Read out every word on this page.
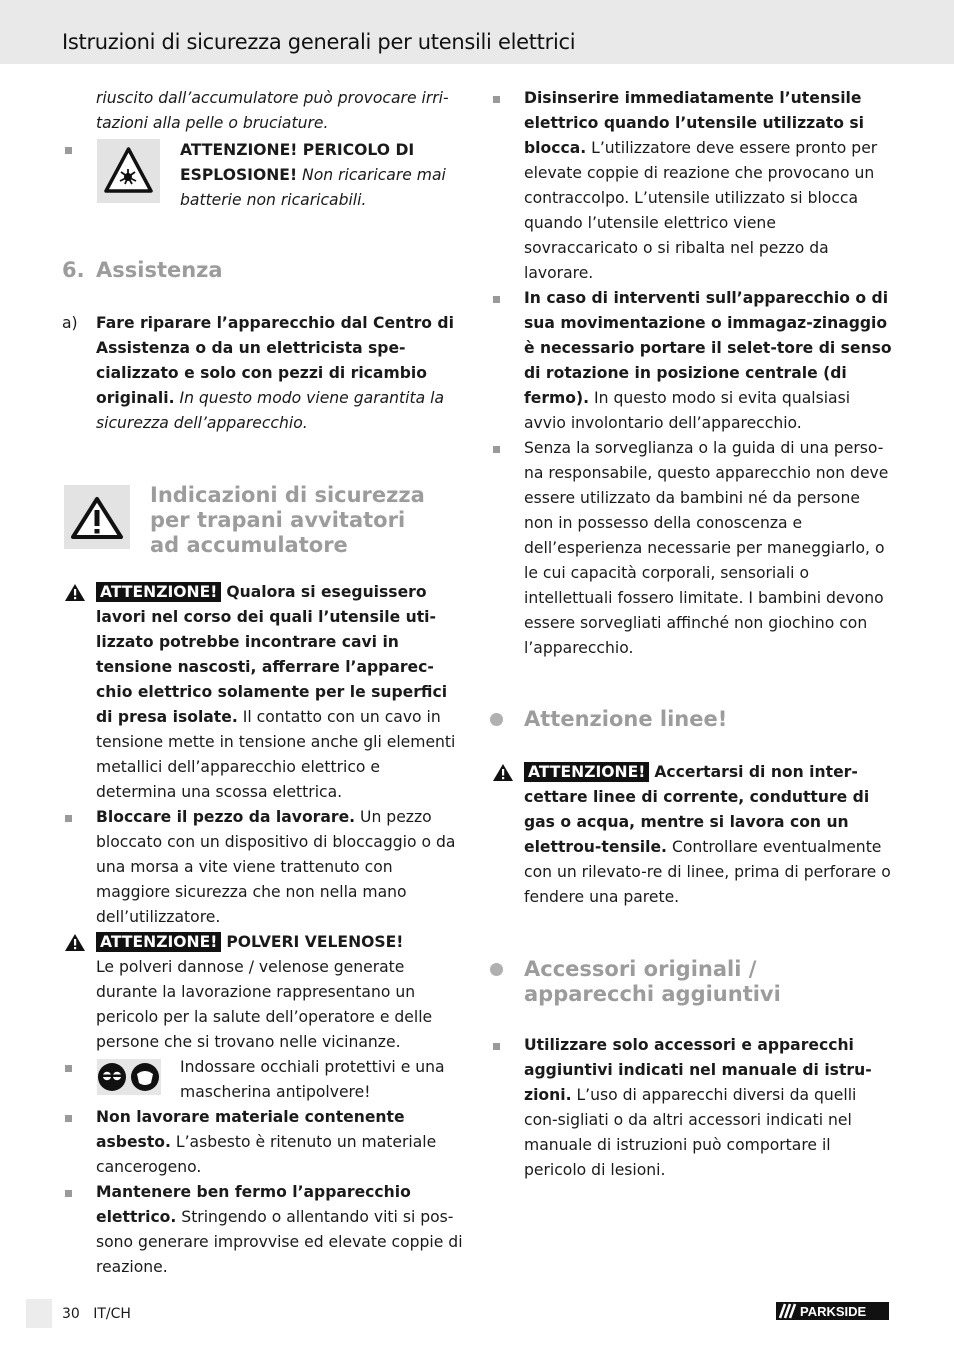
Istruzioni di sicurezza generali per utensili elettrici

riuscito dall’accumulatore può provocare irri-tazioni alla pelle o bruciature.

ATTENZIONE! PERICOLO DI ESPLOSIONE! Non ricaricare mai batterie non ricaricabili.
6. Assistenza
a) Fare riparare l’apparecchio dal Centro di Assistenza o da un elettricista spe-cializzato e solo con pezzi di ricambio originali. In questo modo viene garantita la sicurezza dell’apparecchio.
Indicazioni di sicurezza per trapani avvitatori ad accumulatore
ATTENZIONE! Qualora si eseguissero lavori nel corso dei quali l’utensile uti-lizzato potrebbe incontrare cavi in tensione nascosti, afferrare l’apparec-chio elettrico solamente per le superfici di presa isolate. Il contatto con un cavo in tensione mette in tensione anche gli elementi metallici dell’apparecchio elettrico e determina una scossa elettrica.
Bloccare il pezzo da lavorare. Un pezzo bloccato con un dispositivo di bloccaggio o da una morsa a vite viene trattenuto con maggiore sicurezza che non nella mano dell’utilizzatore.
ATTENZIONE! POLVERI VELENOSE!
Le polveri dannose / velenose generate durante la lavorazione rappresentano un pericolo per la salute dell’operatore e delle persone che si trovano nelle vicinanze.
Indossare occhiali protettivi e una mascherina antipolvere!
Non lavorare materiale contenente asbesto. L’asbesto è ritenuto un materiale cancerogeno.
Mantenere ben fermo l’apparecchio elettrico. Stringendo o allentando viti si pos-sono generare improvvise ed elevate coppie di reazione.
Disinserire immediatamente l’utensile elettrico quando l’utensile utilizzato si blocca. L’utilizzatore deve essere pronto per elevate coppie di reazione che provocano un contraccolpo. L’utensile utilizzato si blocca quando l’utensile elettrico viene sovraccaricato o si ribalta nel pezzo da lavorare.
In caso di interventi sull’apparecchio o di sua movimentazione o immagaz-zinaggio è necessario portare il selet-tore di senso di rotazione in posizione centrale (di fermo). In questo modo si evita qualsiasi avvio involontario dell’apparecchio.
Senza la sorveglianza o la guida di una perso-na responsabile, questo apparecchio non deve essere utilizzato da bambini né da persone non in possesso della conoscenza e dell’esperienza necessarie per maneggiarlo, o le cui capacità corporali, sensoriali o intellettuali fossero limitate. I bambini devono essere sorvegliati affinché non giochino con l’apparecchio.
Attenzione linee!
ATTENZIONE! Accertarsi di non inter-cettare linee di corrente, condutture di gas o acqua, mentre si lavora con un elettrou-tensile. Controllare eventualmente con un rilevato-re di linee, prima di perforare o fendere una parete.
Accessori originali / apparecchi aggiuntivi
Utilizzare solo accessori e apparecchi aggiuntivi indicati nel manuale di istru-zioni. L’uso di apparecchi diversi da quelli con-sigliati o da altri accessori indicati nel manuale di istruzioni può comportare il pericolo di lesioni.
30 IT/CH	PARKSIDE
